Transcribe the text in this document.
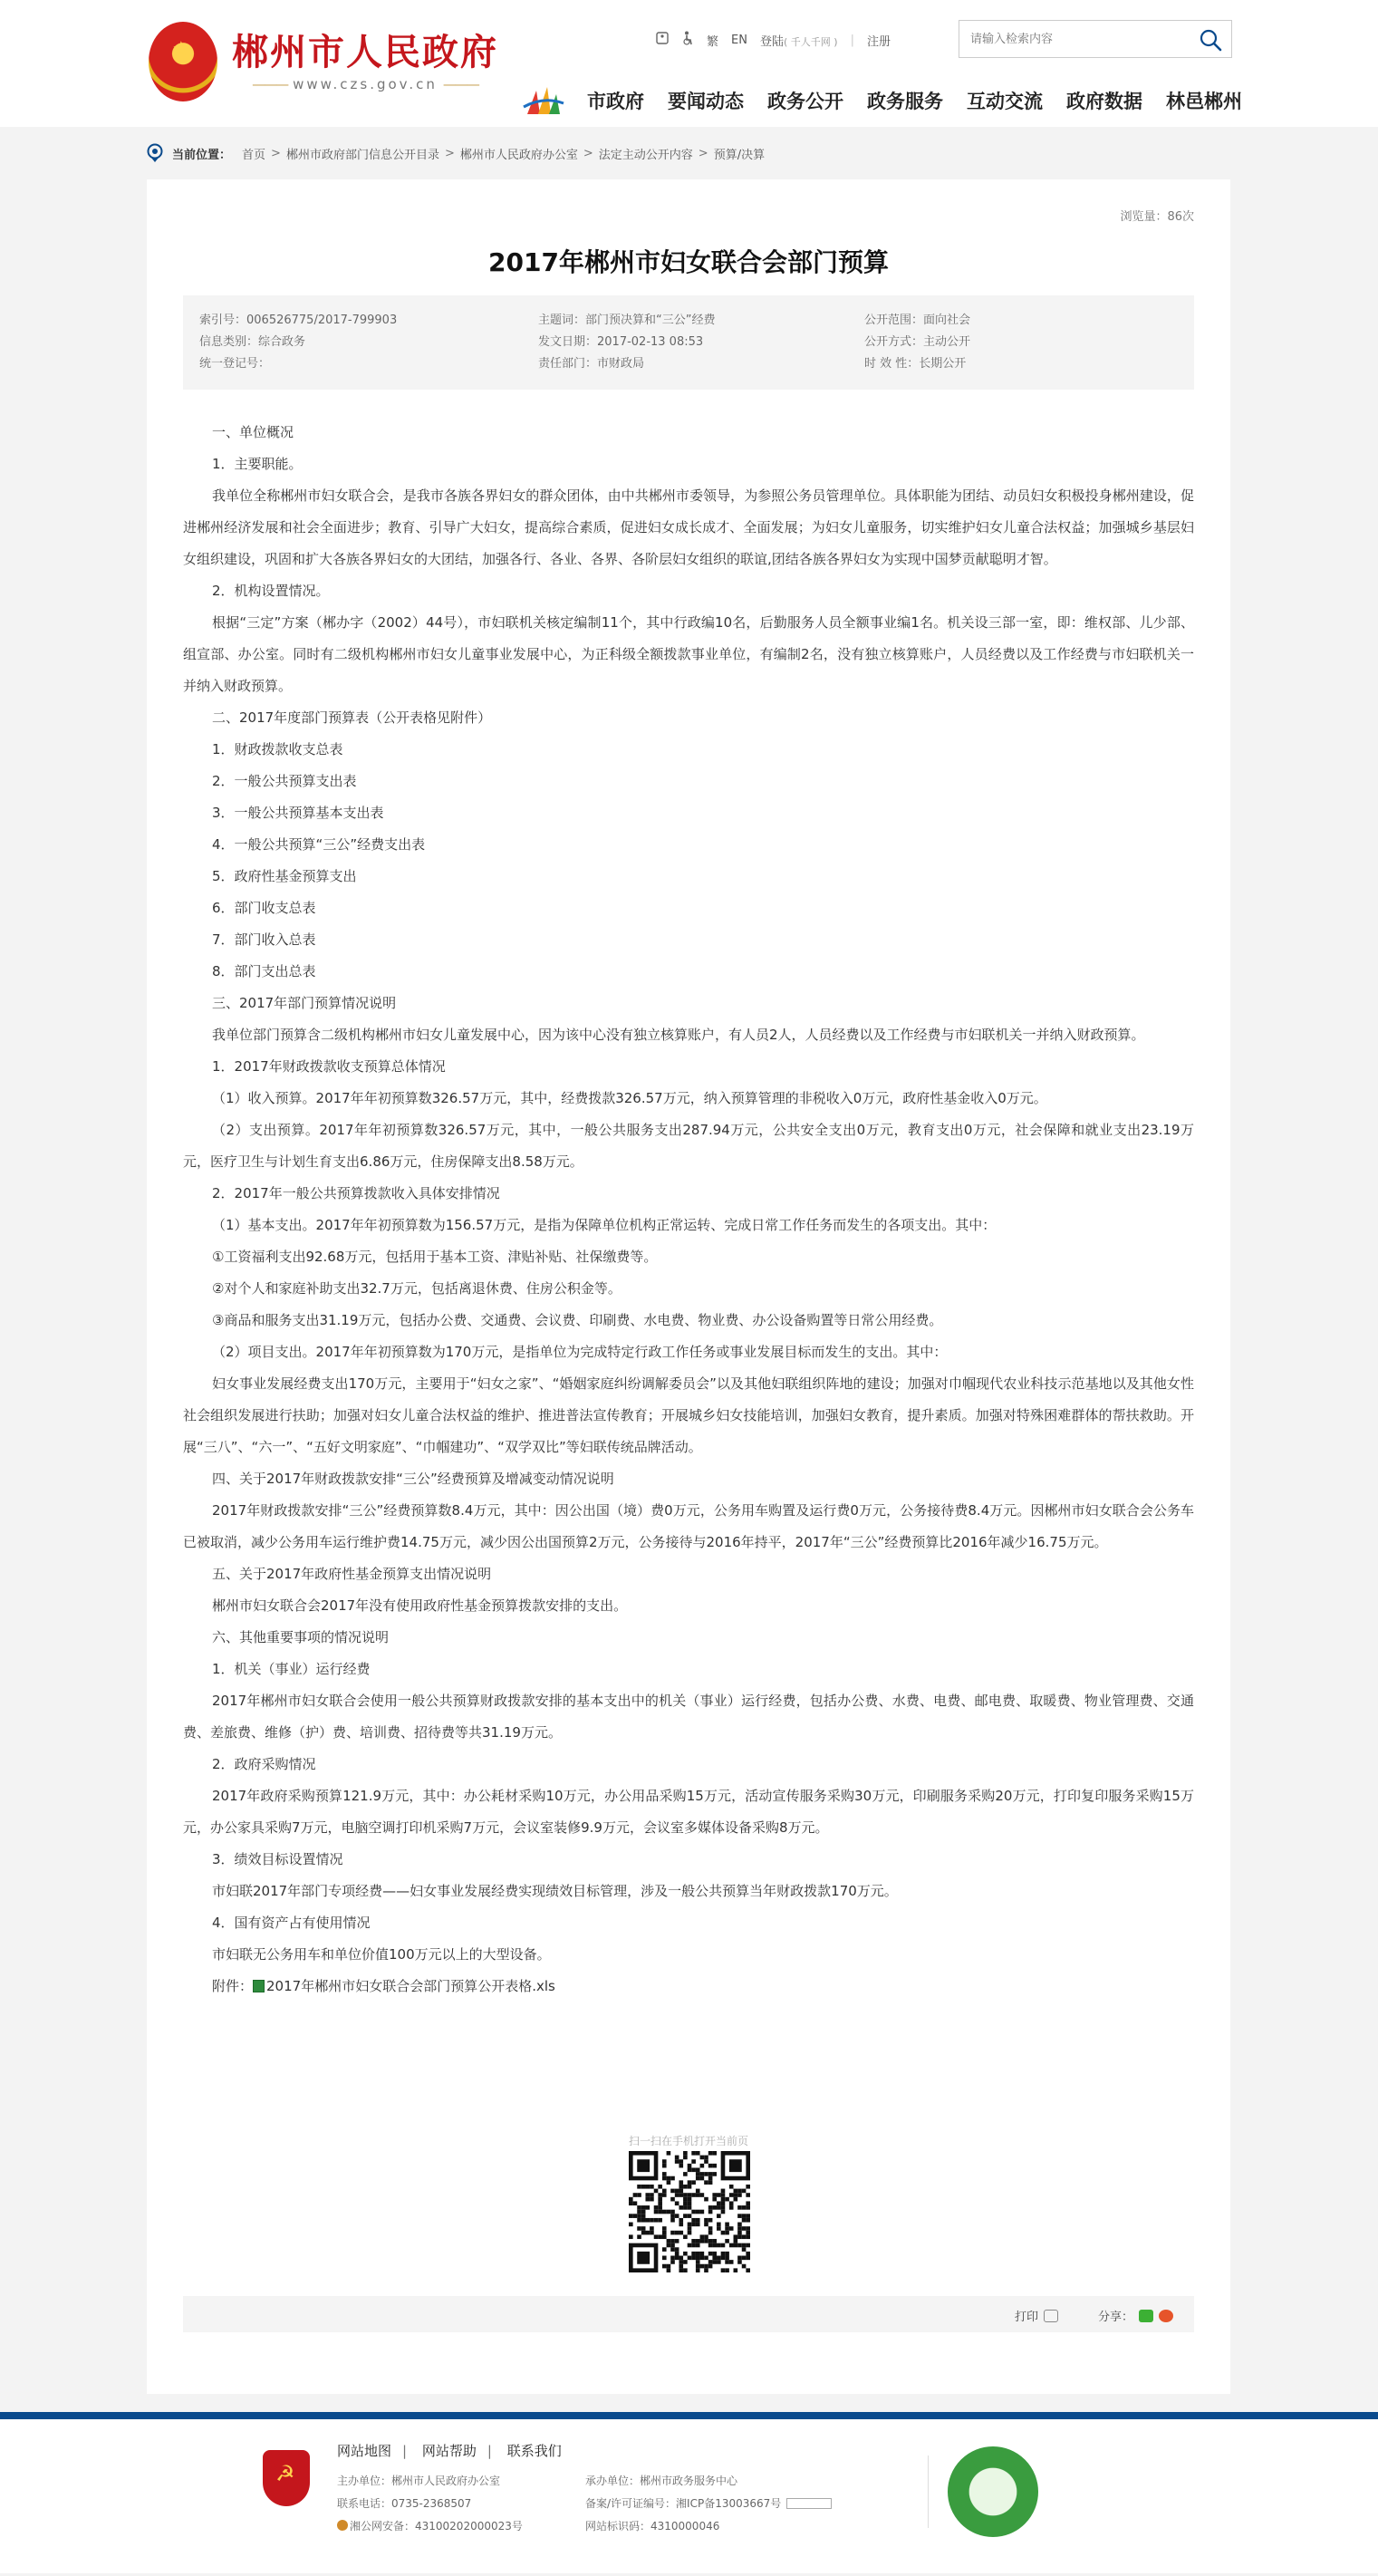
★
郴州市人民政府
——— www.czs.gov.cn ———
繁 EN 登陆( 千人千网 ) | 注册
请输入检索内容
市政府 要闻动态 政务公开 政务服务 互动交流 政府数据 林邑郴州
当前位置： 首页 > 郴州市政府部门信息公开目录 > 郴州市人民政府办公室 > 法定主动公开内容 > 预算/决算
浏览量：86次
2017年郴州市妇女联合会部门预算
索引号：006526775/2017-799903	主题词：部门预决算和“三公”经费	公开范围：面向社会
信息类别：综合政务	发文日期：2017-02-13 08:53	公开方式：主动公开
统一登记号：	责任部门：市财政局	时 效 性：长期公开

一、单位概况

1．主要职能。

我单位全称郴州市妇女联合会，是我市各族各界妇女的群众团体，由中共郴州市委领导，为参照公务员管理单位。具体职能为团结、动员妇女积极投身郴州建设，促进郴州经济发展和社会全面进步；教育、引导广大妇女，提高综合素质，促进妇女成长成才、全面发展；为妇女儿童服务，切实维护妇女儿童合法权益；加强城乡基层妇女组织建设，巩固和扩大各族各界妇女的大团结，加强各行、各业、各界、各阶层妇女组织的联谊,团结各族各界妇女为实现中国梦贡献聪明才智。

2．机构设置情况。

根据“三定”方案（郴办字（2002）44号），市妇联机关核定编制11个，其中行政编10名，后勤服务人员全额事业编1名。机关设三部一室，即：维权部、儿少部、组宣部、办公室。同时有二级机构郴州市妇女儿童事业发展中心，为正科级全额拨款事业单位，有编制2名，没有独立核算账户，人员经费以及工作经费与市妇联机关一并纳入财政预算。

二、2017年度部门预算表（公开表格见附件）

1．财政拨款收支总表

2．一般公共预算支出表

3．一般公共预算基本支出表

4．一般公共预算“三公”经费支出表

5．政府性基金预算支出

6．部门收支总表

7．部门收入总表

8．部门支出总表

三、2017年部门预算情况说明

我单位部门预算含二级机构郴州市妇女儿童发展中心，因为该中心没有独立核算账户，有人员2人，人员经费以及工作经费与市妇联机关一并纳入财政预算。

1．2017年财政拨款收支预算总体情况

（1）收入预算。2017年年初预算数326.57万元，其中，经费拨款326.57万元，纳入预算管理的非税收入0万元，政府性基金收入0万元。

（2）支出预算。2017年年初预算数326.57万元，其中，一般公共服务支出287.94万元，公共安全支出0万元，教育支出0万元，社会保障和就业支出23.19万元，医疗卫生与计划生育支出6.86万元，住房保障支出8.58万元。

2．2017年一般公共预算拨款收入具体安排情况

（1）基本支出。2017年年初预算数为156.57万元，是指为保障单位机构正常运转、完成日常工作任务而发生的各项支出。其中：

①工资福利支出92.68万元，包括用于基本工资、津贴补贴、社保缴费等。

②对个人和家庭补助支出32.7万元，包括离退休费、住房公积金等。

③商品和服务支出31.19万元，包括办公费、交通费、会议费、印刷费、水电费、物业费、办公设备购置等日常公用经费。

（2）项目支出。2017年年初预算数为170万元，是指单位为完成特定行政工作任务或事业发展目标而发生的支出。其中：

妇女事业发展经费支出170万元，主要用于“妇女之家”、“婚姻家庭纠纷调解委员会”以及其他妇联组织阵地的建设；加强对巾帼现代农业科技示范基地以及其他女性社会组织发展进行扶助；加强对妇女儿童合法权益的维护、推进普法宣传教育；开展城乡妇女技能培训，加强妇女教育，提升素质。加强对特殊困难群体的帮扶救助。开展“三八”、“六一”、“五好文明家庭”、“巾帼建功”、“双学双比”等妇联传统品牌活动。

四、关于2017年财政拨款安排“三公”经费预算及增减变动情况说明

2017年财政拨款安排“三公”经费预算数8.4万元，其中：因公出国（境）费0万元，公务用车购置及运行费0万元，公务接待费8.4万元。因郴州市妇女联合会公务车已被取消，减少公务用车运行维护费14.75万元，减少因公出国预算2万元，公务接待与2016年持平，2017年“三公”经费预算比2016年减少16.75万元。

五、关于2017年政府性基金预算支出情况说明

郴州市妇女联合会2017年没有使用政府性基金预算拨款安排的支出。

六、其他重要事项的情况说明

1．机关（事业）运行经费

2017年郴州市妇女联合会使用一般公共预算财政拨款安排的基本支出中的机关（事业）运行经费，包括办公费、水费、电费、邮电费、取暖费、物业管理费、交通费、差旅费、维修（护）费、培训费、招待费等共31.19万元。

2．政府采购情况

2017年政府采购预算121.9万元，其中：办公耗材采购10万元，办公用品采购15万元，活动宣传服务采购30万元，印刷服务采购20万元，打印复印服务采购15万元，办公家具采购7万元，电脑空调打印机采购7万元，会议室装修9.9万元，会议室多媒体设备采购8万元。

3．绩效目标设置情况

市妇联2017年部门专项经费——妇女事业发展经费实现绩效目标管理，涉及一般公共预算当年财政拨款170万元。

4．国有资产占有使用情况

市妇联无公务用车和单位价值100万元以上的大型设备。

附件： 2017年郴州市妇女联合会部门预算公开表格.xls

扫一扫在手机打开当前页
打印	分享：
☭
网站地图 | 网站帮助 | 联系我们
主办单位：郴州市人民政府办公室
联系电话：0735-2368507
湘公网安备：43100202000023号
承办单位：郴州市政务服务中心
备案/许可证编号：湘ICP备13003667号
网站标识码：4310000046
